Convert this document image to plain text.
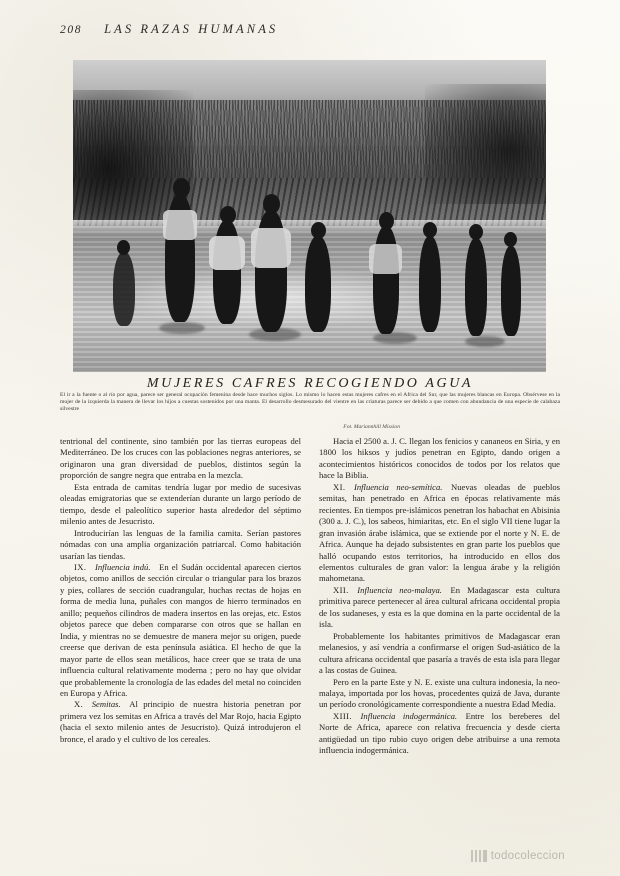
208 LAS RAZAS HUMANAS
MUJERES CAFRES RECOGIENDO AGUA

El ir a la fuente o al río por agua, parece ser general ocupación femenina desde hace muchos siglos. Lo mismo lo hacen estas mujeres cafres en el Africa del Sur, que las mujeres blancas en Europa. Obsérvese en la mujer de la izquierda la manera de llevar los hijos a cuestas sostenidos por una manta. El desarrollo desmesurado del vientre en las criaturas parece ser debido a que comen con abundancia de una especie de calabaza silvestre

Fot. Mariannhill Mission

tentrional del continente, sino también por las tierras europeas del Mediterráneo. De los cruces con las poblaciones negras anteriores, se originaron una gran diversidad de pueblos, distintos según la proporción de sangre negra que entraba en la mezcla.

Esta entrada de camitas tendría lugar por medio de sucesivas oleadas emigratorias que se extenderían durante un largo período de tiempo, desde el paleolítico superior hasta alrededor del séptimo milenio antes de Jesucristo.

Introducirían las lenguas de la familia camita. Serían pastores nómadas con una amplia organización patriarcal. Como habitación usarían las tiendas.

IX.  Influencia indú.   En el Sudán occidental aparecen ciertos objetos, como anillos de sección circular o triangular para los brazos y pies, collares de sección cuadrangular, huchas rectas de hojas en forma de media luna, puñales con mangos de hierro terminados en anillo; pequeños cilindros de madera insertos en las orejas, etc. Estos objetos parece que deben compararse con otros que se hallan en India, y mientras no se demuestre de manera mejor su origen, puede creerse que derivan de esta península asiática. El hecho de que la mayor parte de ellos sean metálicos, hace creer que se trata de una influencia cultural relativamente moderna ; pero no hay que olvidar que probablemente la cronología de las edades del metal no coinciden en Europa y Africa.

X.  Semitas.   Al principio de nuestra historia penetran por primera vez los semitas en Africa a través del Mar Rojo, hacia Egipto (hacia el sexto milenio antes de Jesucristo). Quizá introdujeron el bronce, el arado y el cultivo de los cereales.

Hacia el 2500 a. J. C. llegan los fenicios y cananeos en Siria, y en 1800 los hiksos y judíos penetran en Egipto, dando origen a acontecimientos históricos conocidos de todos por los relatos que hace la Biblia.

XI.  Influencia neo-semítica.   Nuevas oleadas de pueblos semitas, han penetrado en Africa en épocas relativamente más recientes. En tiempos pre-islámicos penetran los habachat en Abisinia (300 a. J. C.), los sabeos, himiaritas, etc. En el siglo VII tiene lugar la gran invasión árabe islámica, que se extiende por el norte y N. E. de Africa. Aunque ha dejado subsistentes en gran parte los pueblos que halló ocupando estos territorios, ha introducido en ellos dos elementos culturales de gran valor: la lengua árabe y la religión mahometana.

XII.  Influencia neo-malaya.   En Madagascar esta cultura primitiva parece pertenecer al área cultural africana occidental propia de los sudaneses, y esta es la que domina en la parte occidental de la isla.

Probablemente los habitantes primitivos de Madagascar eran melanesios, y así vendría a confirmarse el origen Sud-asiático de la cultura africana occidental que pasaría a través de esta isla para llegar a las costas de Guinea.

Pero en la parte Este y N. E. existe una cultura indonesia, la neo-malaya, importada por los hovas, procedentes quizá de Java, durante un período cronológicamente correspondiente a nuestra Edad Media.

XIII.  Influencia indogermánica.   Entre los bereberes del Norte de Africa, aparece con relativa frecuencia y desde cierta antigüedad un tipo rubio cuyo origen debe atribuirse a una remota influencia indogermánica.

todocoleccion
